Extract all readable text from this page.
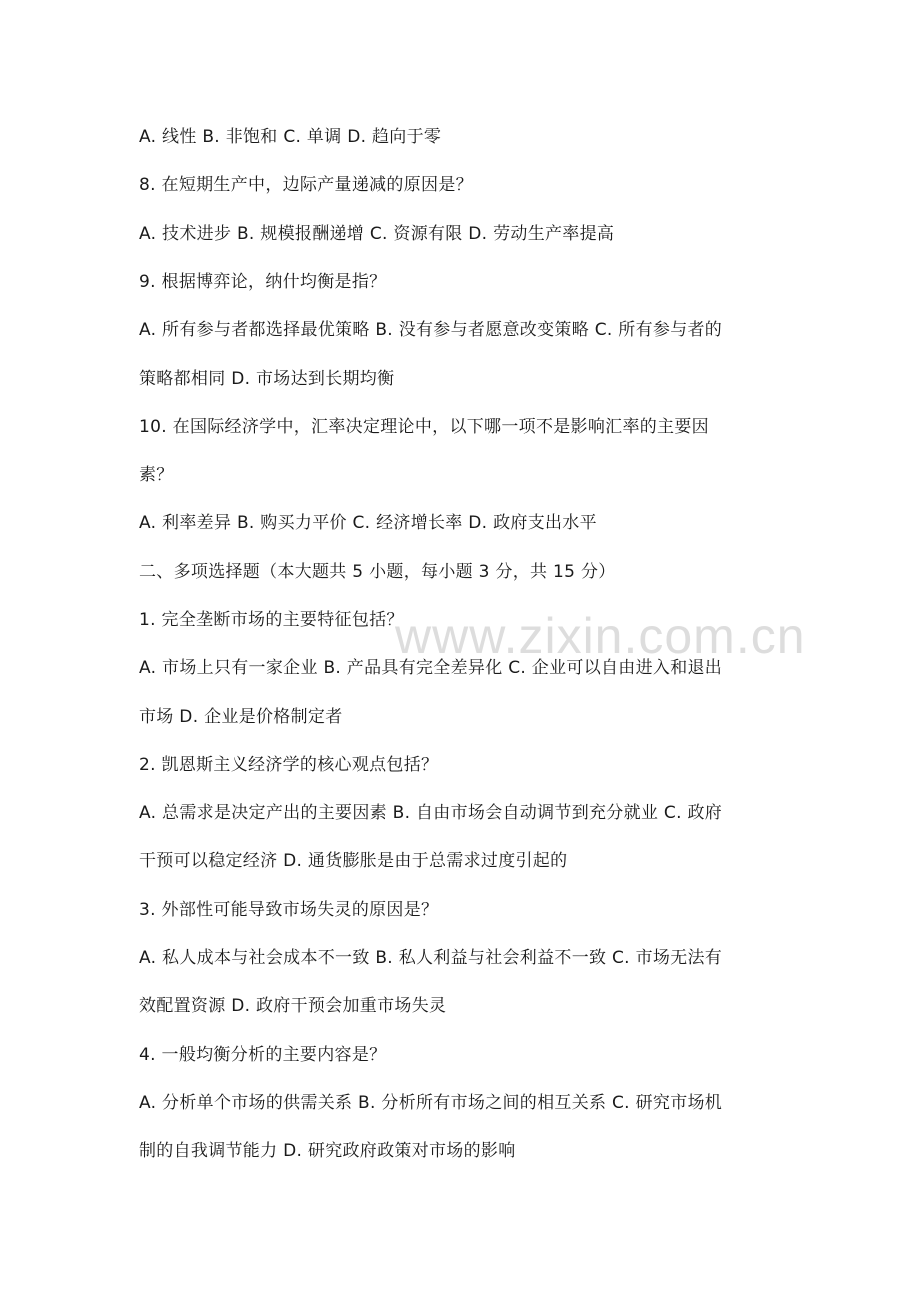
www.zixin.com.cn
A. 线性 B. 非饱和 C. 单调 D. 趋向于零
8. 在短期生产中，边际产量递减的原因是？
A. 技术进步 B. 规模报酬递增 C. 资源有限 D. 劳动生产率提高
9. 根据博弈论，纳什均衡是指？
A. 所有参与者都选择最优策略 B. 没有参与者愿意改变策略 C. 所有参与者的
策略都相同 D. 市场达到长期均衡
10. 在国际经济学中，汇率决定理论中，以下哪一项不是影响汇率的主要因
素？
A. 利率差异 B. 购买力平价 C. 经济增长率 D. 政府支出水平
二、多项选择题（本大题共 5 小题，每小题 3 分，共 15 分）
1. 完全垄断市场的主要特征包括？
A. 市场上只有一家企业 B. 产品具有完全差异化 C. 企业可以自由进入和退出
市场 D. 企业是价格制定者
2. 凯恩斯主义经济学的核心观点包括？
A. 总需求是决定产出的主要因素 B. 自由市场会自动调节到充分就业 C. 政府
干预可以稳定经济 D. 通货膨胀是由于总需求过度引起的
3. 外部性可能导致市场失灵的原因是？
A. 私人成本与社会成本不一致 B. 私人利益与社会利益不一致 C. 市场无法有
效配置资源 D. 政府干预会加重市场失灵
4. 一般均衡分析的主要内容是？
A. 分析单个市场的供需关系 B. 分析所有市场之间的相互关系 C. 研究市场机
制的自我调节能力 D. 研究政府政策对市场的影响
